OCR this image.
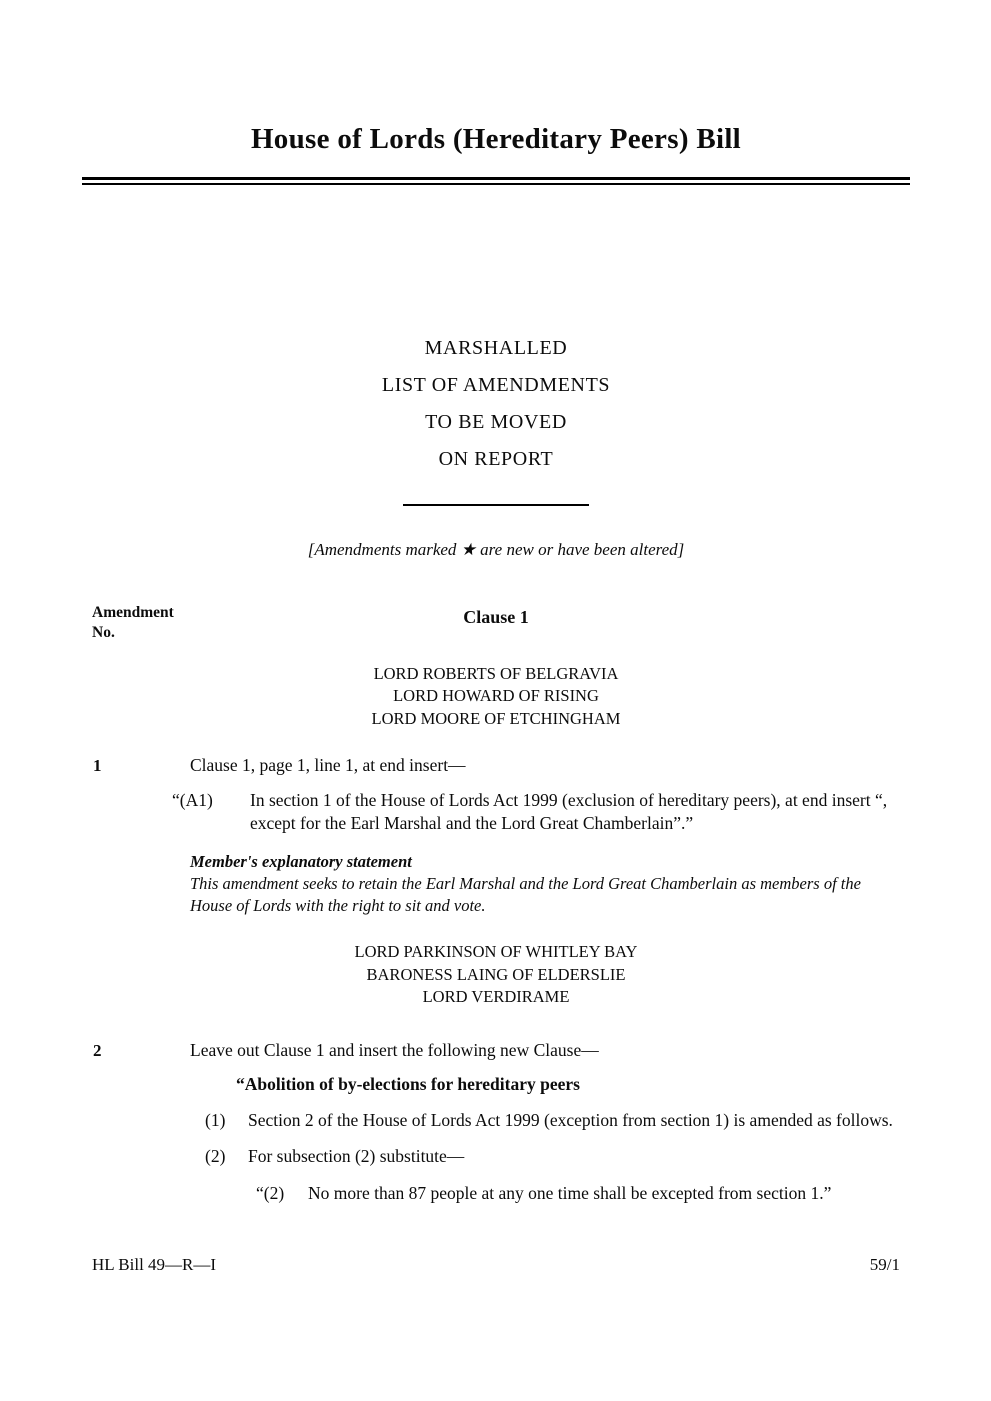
House of Lords (Hereditary Peers) Bill
MARSHALLED
LIST OF AMENDMENTS
TO BE MOVED
ON REPORT

[Amendments marked ★ are new or have been altered]

Amendment No.
Clause 1
LORD ROBERTS OF BELGRAVIA
LORD HOWARD OF RISING
LORD MOORE OF ETCHINGHAM
1	Clause 1, page 1, line 1, at end insert—

“(A1)	In section 1 of the House of Lords Act 1999 (exclusion of hereditary peers), at end insert “, except for the Earl Marshal and the Lord Great Chamberlain”.”

Member's explanatory statement

This amendment seeks to retain the Earl Marshal and the Lord Great Chamberlain as members of the House of Lords with the right to sit and vote.

LORD PARKINSON OF WHITLEY BAY
BARONESS LAING OF ELDERSLIE
LORD VERDIRAME
2	Leave out Clause 1 and insert the following new Clause—

“Abolition of by-elections for hereditary peers
(1)	Section 2 of the House of Lords Act 1999 (exception from section 1) is amended as follows.
(2)	For subsection (2) substitute—
“(2)	No more than 87 people at any one time shall be excepted from section 1.”
HL Bill 49—R—I	59/1
